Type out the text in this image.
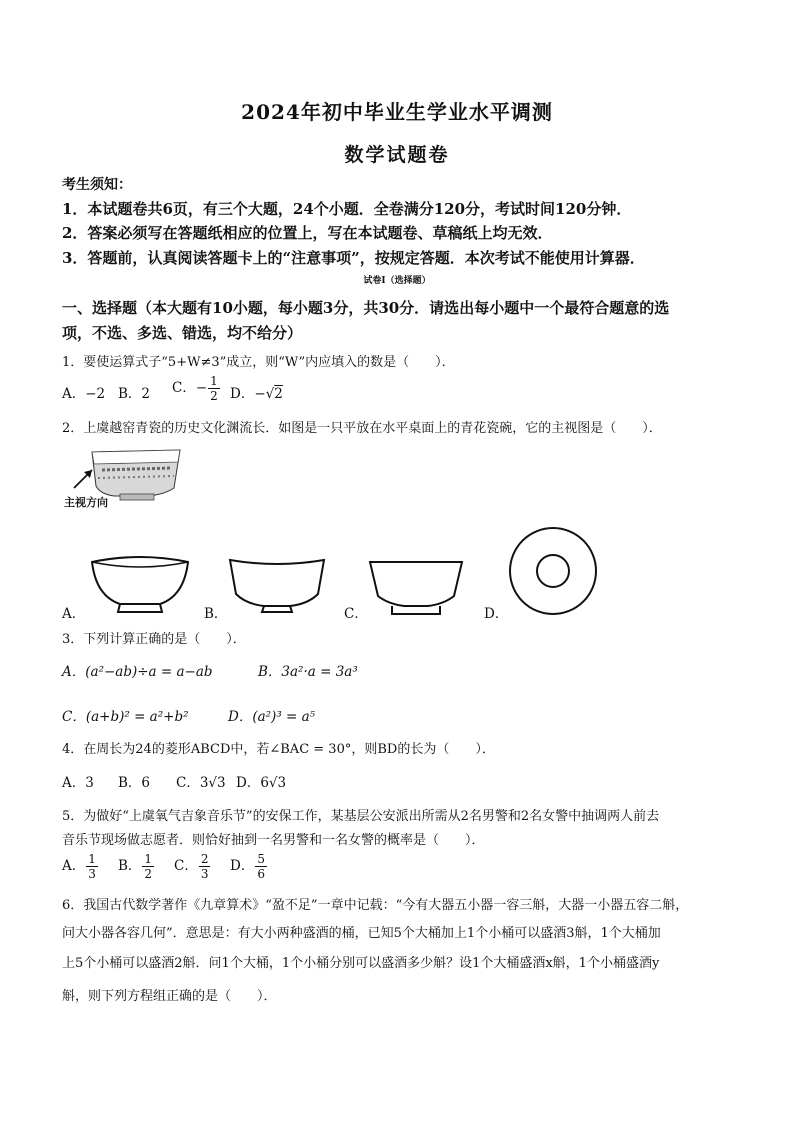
2024年初中毕业生学业水平调测
数学试题卷
考生须知：
1．本试题卷共6页，有三个大题，24个小题．全卷满分120分，考试时间120分钟．
2．答案必须写在答题纸相应的位置上，写在本试题卷、草稿纸上均无效．
3．答题前，认真阅读答题卡上的“注意事项”，按规定答题．本次考试不能使用计算器．
试卷Ⅰ（选择题）
一、选择题（本大题有10小题，每小题3分，共30分．请选出每小题中一个最符合题意的选
项，不选、多选、错选，均不给分）
1．要使运算式子“5+W≠3”成立，则“W”内应填入的数是（　　）．
A．−2 B．2 C．− $\frac{1}{2}$ D．−√2
2．上虞越窑青瓷的历史文化渊流长．如图是一只平放在水平桌面上的青花瓷碗，它的主视图是（　　）．
主视方向
A．	B．	C．	D．
3．下列计算正确的是（　　）．
A．(a²−ab)÷a = a−ab	B．3a²·a = 3a³
C．(a+b)² = a²+b²	D．(a²)³ = a⁵
4．在周长为24的菱形ABCD中，若∠BAC = 30°，则BD的长为（　　）．
A．3 B．6 C．3√3 D．6√3
5．为做好“上虞氧气吉象音乐节”的安保工作，某基层公安派出所需从2名男警和2名女警中抽调两人前去
音乐节现场做志愿者．则恰好抽到一名男警和一名女警的概率是（　　）．
A． $\frac{1}{3}$ B． $\frac{1}{2}$ C． $\frac{2}{3}$ D． $\frac{5}{6}$
6．我国古代数学著作《九章算术》“盈不足”一章中记载：“今有大器五小器一容三斛，大器一小器五容二斛，
问大小器各容几何”．意思是：有大小两种盛酒的桶，已知5个大桶加上1个小桶可以盛酒3斛，1个大桶加
上5个小桶可以盛酒2斛．问1个大桶，1个小桶分别可以盛酒多少斛？设1个大桶盛酒x斛，1个小桶盛酒y
斛，则下列方程组正确的是（　　）．
